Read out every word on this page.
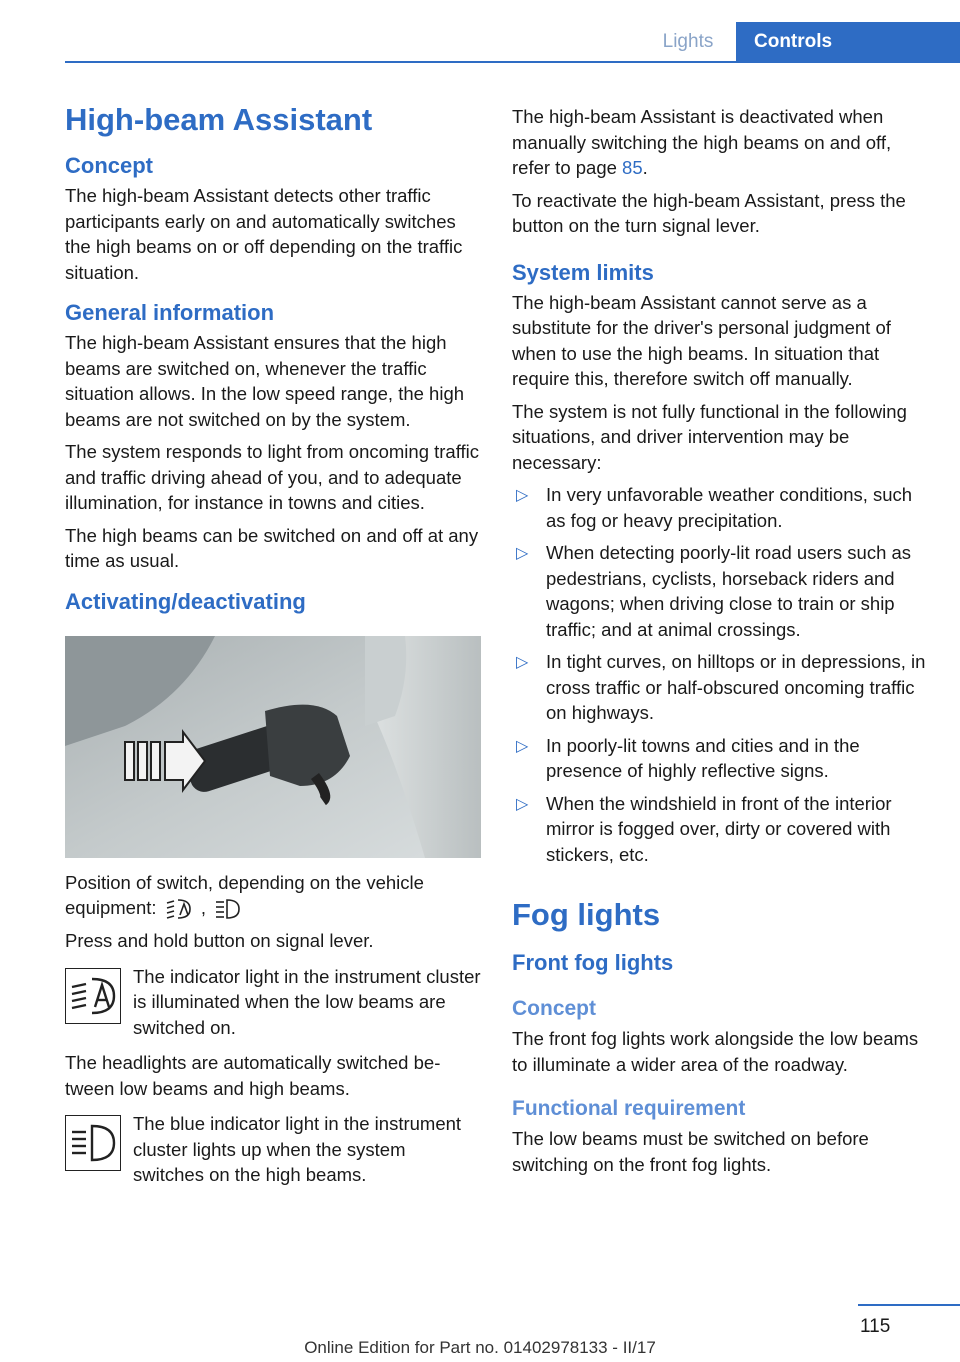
Lights	Controls
High-beam Assistant
Concept

The high-beam Assistant detects other traffic participants early on and automatically switches the high beams on or off depending on the traffic situation.

General information

The high-beam Assistant ensures that the high beams are switched on, whenever the traffic situation allows. In the low speed range, the high beams are not switched on by the system.

The system responds to light from oncoming traffic and traffic driving ahead of you, and to adequate illumination, for instance in towns and cities.

The high beams can be switched on and off at any time as usual.

Activating/deactivating

Position of switch, depending on the vehicle equipment: ,

Press and hold button on signal lever.

The indicator light in the instrument cluster is illuminated when the low beams are switched on.

The headlights are automatically switched between low beams and high beams.

The blue indicator light in the instrument cluster lights up when the system switches on the high beams.

The high-beam Assistant is deactivated when manually switching the high beams on and off, refer to page 85.

To reactivate the high-beam Assistant, press the button on the turn signal lever.

System limits

The high-beam Assistant cannot serve as a substitute for the driver's personal judgment of when to use the high beams. In situation that require this, therefore switch off manually.

The system is not fully functional in the following situations, and driver intervention may be necessary:

▷ In very unfavorable weather conditions, such as fog or heavy precipitation.
▷ When detecting poorly-lit road users such as pedestrians, cyclists, horseback riders and wagons; when driving close to train or ship traffic; and at animal crossings.
▷ In tight curves, on hilltops or in depressions, in cross traffic or half-obscured oncoming traffic on highways.
▷ In poorly-lit towns and cities and in the presence of highly reflective signs.
▷ When the windshield in front of the interior mirror is fogged over, dirty or covered with stickers, etc.
Fog lights
Front fog lights
Concept

The front fog lights work alongside the low beams to illuminate a wider area of the roadway.

Functional requirement

The low beams must be switched on before switching on the front fog lights.

115
Online Edition for Part no. 01402978133 - II/17
